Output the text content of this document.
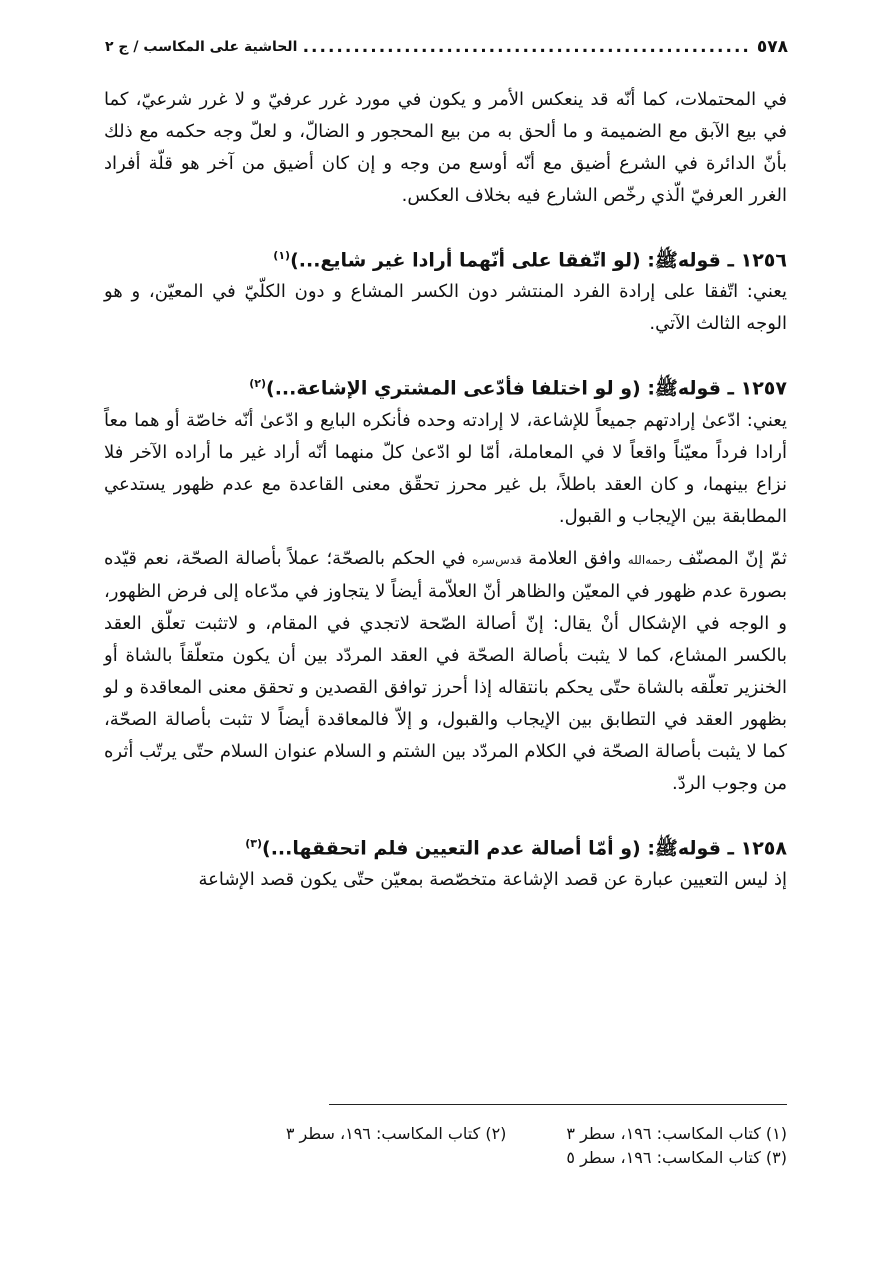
٥٧٨
.....
الحاشية على المكاسب / ج ٢

في المحتملات، كما أنّه قد ينعكس الأمر و يكون في مورد غرر عرفيّ و لا غرر شرعيّ، كما في بيع الآبق مع الضميمة و ما ألحق به من بيع المحجور و الضالّ، و لعلّ وجه حكمه مع ذلك بأنّ الدائرة في الشرع أضيق مع أنّه أوسع من وجه و إن كان أضيق من آخر هو قلّة أفراد الغرر العرفيّ الّذي رخّص الشارع فيه بخلاف العكس.

١٢٥٦ ـ قولهﷺ: (لو اتّفقا على أنّهما أرادا غير شايع...)$^{(١)}$

يعني: اتّفقا على إرادة الفرد المنتشر دون الكسر المشاع و دون الكلّيّ في المعيّن، و هو الوجه الثالث الآتي.

١٢٥٧ ـ قولهﷺ: (و لو اختلفا فأدّعى المشتري الإشاعة...)$^{(٢)}$

يعني: ادّعىٰ إرادتهم جميعاً للإشاعة، لا إرادته وحده فأنكره البايع و ادّعىٰ أنّه خاصّة أو هما معاً أرادا فرداً معيّناً واقعاً لا في المعاملة، أمّا لو ادّعىٰ كلّ منهما أنّه أراد غير ما أراده الآخر فلا نزاع بينهما، و كان العقد باطلاً، بل غير محرز تحقّق معنى القاعدة مع عدم ظهور يستدعي المطابقة بين الإيجاب و القبول.

ثمّ إنّ المصنّف رحمه‌الله وافق العلامة قدس‌سره في الحكم بالصحّة؛ عملاً بأصالة الصحّة، نعم قيّده بصورة عدم ظهور في المعيّن والظاهر أنّ العلاّمة أيضاً لا يتجاوز في مدّعاه إلى فرض الظهور، و الوجه في الإشكال أنْ يقال: إنّ أصالة الصّحة لاتجدي في المقام، و لاتثبت تعلّق العقد بالكسر المشاع، كما لا يثبت بأصالة الصحّة في العقد المردّد بين أن يكون متعلّقاً بالشاة أو الخنزير تعلّقه بالشاة حتّى يحكم بانتقاله إذا أحرز توافق القصدين و تحقق معنى المعاقدة و لو بظهور العقد في التطابق بين الإيجاب والقبول، و إلاّ فالمعاقدة أيضاً لا تثبت بأصالة الصحّة، كما لا يثبت بأصالة الصحّة في الكلام المردّد بين الشتم و السلام عنوان السلام حتّى يرتّب أثره من وجوب الردّ.

١٢٥٨ ـ قولهﷺ: (و أمّا أصالة عدم التعيين فلم اتحققها...)$^{(٣)}$

إذ ليس التعيين عبارة عن قصد الإشاعة متخصّصة بمعيّن حتّى يكون قصد الإشاعة

(١) كتاب المكاسب: ١٩٦، سطر ٣
(٢) كتاب المكاسب: ١٩٦، سطر ٣
(٣) كتاب المكاسب: ١٩٦، سطر ٥
